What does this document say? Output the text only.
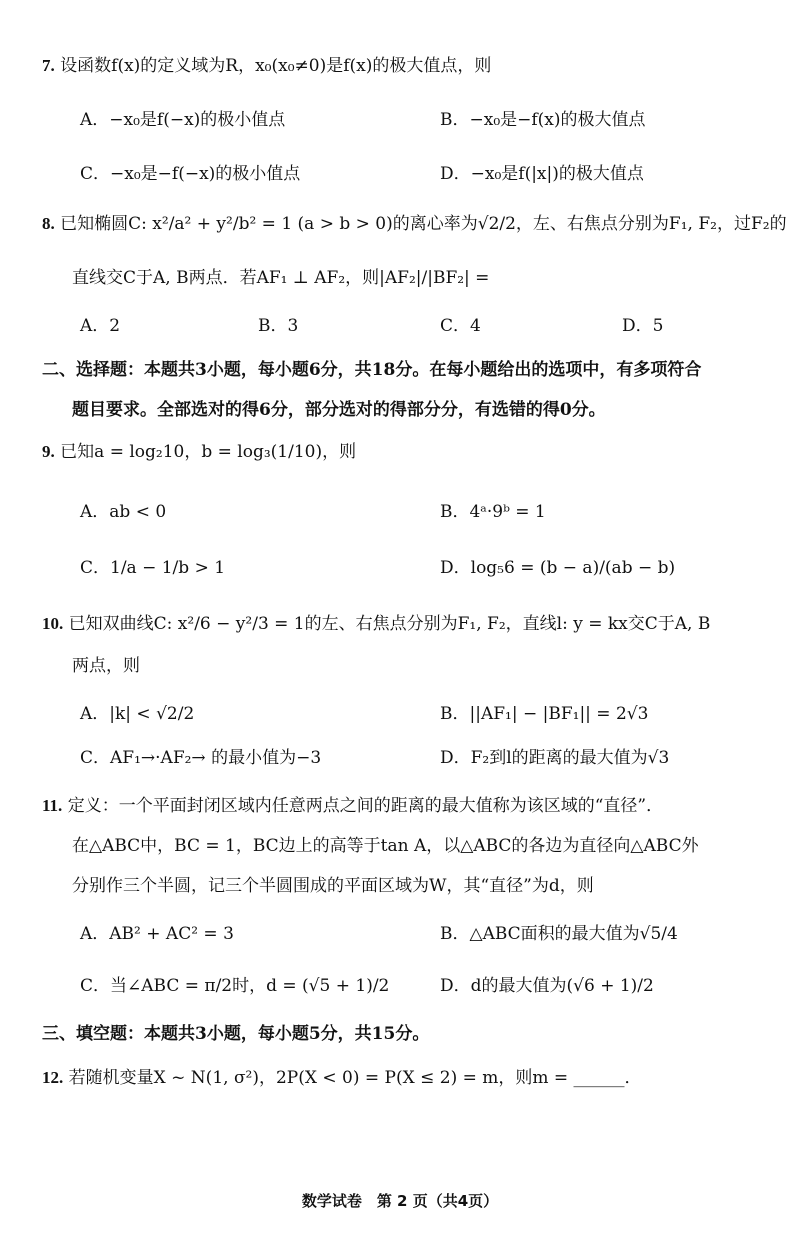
7. 设函数f(x)的定义域为R，x₀(x₀≠0)是f(x)的极大值点，则
A．−x₀是f(−x)的极小值点	B．−x₀是−f(x)的极大值点
C．−x₀是−f(−x)的极小值点	D．−x₀是f(|x|)的极大值点
8. 已知椭圆C: x²/a² + y²/b² = 1 (a > b > 0)的离心率为√2/2，左、右焦点分别为F₁, F₂，过F₂的
直线交C于A, B两点．若AF₁ ⊥ AF₂，则|AF₂|/|BF₂| =
A．2	B．3	C．4	D．5
二、选择题：本题共3小题，每小题6分，共18分。在每小题给出的选项中，有多项符合
题目要求。全部选对的得6分，部分选对的得部分分，有选错的得0分。
9. 已知a = log₂10，b = log₃(1/10)，则
A．ab < 0	B．4ᵃ·9ᵇ = 1
C．1/a − 1/b > 1	D．log₅6 = (b − a)/(ab − b)
10. 已知双曲线C: x²/6 − y²/3 = 1的左、右焦点分别为F₁, F₂，直线l: y = kx交C于A, B
两点，则
A．|k| < √2/2	B．||AF₁| − |BF₁|| = 2√3
C．AF₁→·AF₂→ 的最小值为−3	D．F₂到l的距离的最大值为√3
11. 定义：一个平面封闭区域内任意两点之间的距离的最大值称为该区域的“直径”．
在△ABC中，BC = 1，BC边上的高等于tan A，以△ABC的各边为直径向△ABC外
分别作三个半圆，记三个半圆围成的平面区域为W，其“直径”为d，则
A．AB² + AC² = 3	B．△ABC面积的最大值为√5/4
C．当∠ABC = π/2时，d = (√5 + 1)/2	D．d的最大值为(√6 + 1)/2
三、填空题：本题共3小题，每小题5分，共15分。
12. 若随机变量X ~ N(1, σ²)，2P(X < 0) = P(X ≤ 2) = m，则m = ______．
数学试卷　第 2 页（共4页）
